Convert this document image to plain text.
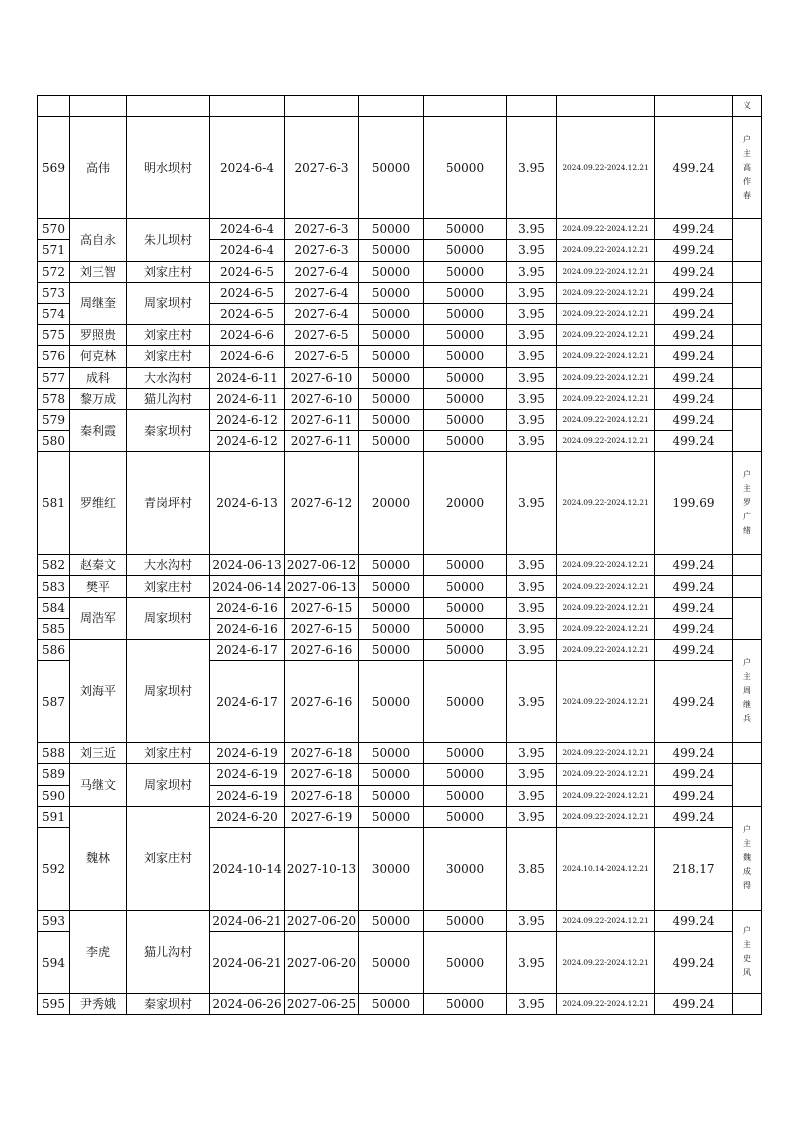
										义

569	高伟	明水坝村	2024-6-4	2027-6-3	50000	50000	3.95	2024.09.22-2024.12.21	499.24	户
主
高
作
春

570	高自永	朱儿坝村	2024-6-4	2027-6-3	50000	50000	3.95	2024.09.22-2024.12.21	499.24	
571			2024-6-4	2027-6-3	50000	50000	3.95	2024.09.22-2024.12.21	499.24	
572	刘三智	刘家庄村	2024-6-5	2027-6-4	50000	50000	3.95	2024.09.22-2024.12.21	499.24	
573	周继奎	周家坝村	2024-6-5	2027-6-4	50000	50000	3.95	2024.09.22-2024.12.21	499.24	
574			2024-6-5	2027-6-4	50000	50000	3.95	2024.09.22-2024.12.21	499.24	
575	罗照贵	刘家庄村	2024-6-6	2027-6-5	50000	50000	3.95	2024.09.22-2024.12.21	499.24	
576	何克林	刘家庄村	2024-6-6	2027-6-5	50000	50000	3.95	2024.09.22-2024.12.21	499.24	
577	成科	大水沟村	2024-6-11	2027-6-10	50000	50000	3.95	2024.09.22-2024.12.21	499.24	
578	黎万成	猫儿沟村	2024-6-11	2027-6-10	50000	50000	3.95	2024.09.22-2024.12.21	499.24	
579	秦利霞	秦家坝村	2024-6-12	2027-6-11	50000	50000	3.95	2024.09.22-2024.12.21	499.24	
580			2024-6-12	2027-6-11	50000	50000	3.95	2024.09.22-2024.12.21	499.24	
581	罗维红	青岗坪村	2024-6-13	2027-6-12	20000	20000	3.95	2024.09.22-2024.12.21	199.69	户
主
罗
广
绪

582	赵秦文	大水沟村	2024-06-13	2027-06-12	50000	50000	3.95	2024.09.22-2024.12.21	499.24	
583	樊平	刘家庄村	2024-06-14	2027-06-13	50000	50000	3.95	2024.09.22-2024.12.21	499.24	
584	周浩军	周家坝村	2024-6-16	2027-6-15	50000	50000	3.95	2024.09.22-2024.12.21	499.24	
585			2024-6-16	2027-6-15	50000	50000	3.95	2024.09.22-2024.12.21	499.24	
586	刘海平	周家坝村	2024-6-17	2027-6-16	50000	50000	3.95	2024.09.22-2024.12.21	499.24	户
主
周
继
兵

587			2024-6-17	2027-6-16	50000	50000	3.95	2024.09.22-2024.12.21	499.24	
588	刘三近	刘家庄村	2024-6-19	2027-6-18	50000	50000	3.95	2024.09.22-2024.12.21	499.24	
589	马继文	周家坝村	2024-6-19	2027-6-18	50000	50000	3.95	2024.09.22-2024.12.21	499.24	
590			2024-6-19	2027-6-18	50000	50000	3.95	2024.09.22-2024.12.21	499.24	
591	魏林	刘家庄村	2024-6-20	2027-6-19	50000	50000	3.95	2024.09.22-2024.12.21	499.24	户
主
魏
成
得

592			2024-10-14	2027-10-13	30000	30000	3.85	2024.10.14-2024.12.21	218.17	
593	李虎	猫儿沟村	2024-06-21	2027-06-20	50000	50000	3.95	2024.09.22-2024.12.21	499.24	户
主
史
风

594			2024-06-21	2027-06-20	50000	50000	3.95	2024.09.22-2024.12.21	499.24	
595	尹秀娥	秦家坝村	2024-06-26	2027-06-25	50000	50000	3.95	2024.09.22-2024.12.21	499.24	
